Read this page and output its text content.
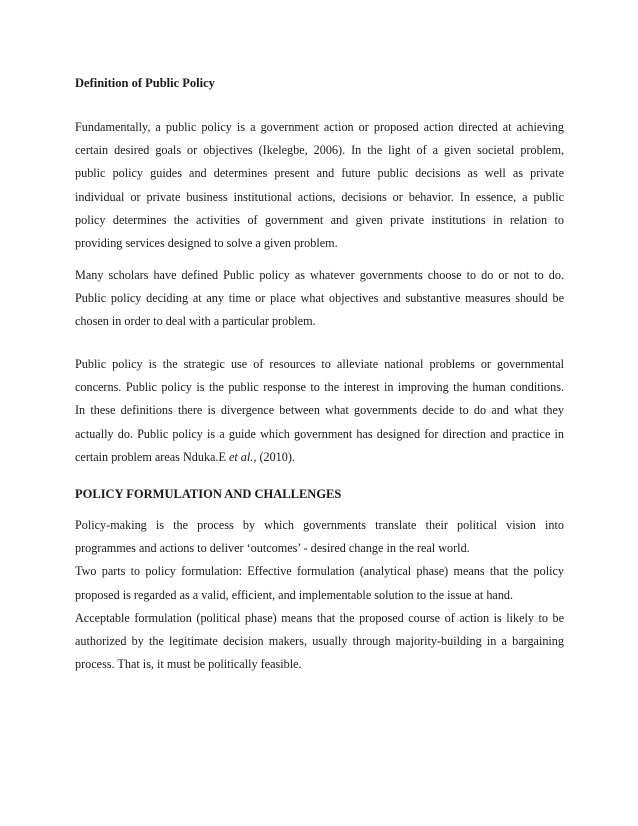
Definition of Public Policy
Fundamentally, a public policy is a government action or proposed action directed at achieving
certain desired goals or objectives (Ikelegbe, 2006). In the light of a given societal problem,
public policy guides and determines present and future public decisions as well as private
individual or private business institutional actions, decisions or behavior. In essence, a public
policy determines the activities of government and given private institutions in relation to
providing services designed to solve a given problem.
Many scholars have defined Public policy as whatever governments choose to do or not to do.
Public policy deciding at any time or place what objectives and substantive measures should be
chosen in order to deal with a particular problem.
Public policy is the strategic use of resources to alleviate national problems or governmental
concerns. Public policy is the public response to the interest in improving the human conditions.
In these definitions there is divergence between what governments decide to do and what they
actually do. Public policy is a guide which government has designed for direction and practice in
certain problem areas Nduka.E et al., (2010).
POLICY FORMULATION AND CHALLENGES
Policy-making is the process by which governments translate their political vision into
programmes and actions to deliver ‘outcomes’ - desired change in the real world.
Two parts to policy formulation: Effective formulation (analytical phase) means that the policy
proposed is regarded as a valid, efficient, and implementable solution to the issue at hand.
Acceptable formulation (political phase) means that the proposed course of action is likely to be
authorized by the legitimate decision makers, usually through majority-building in a bargaining
process. That is, it must be politically feasible.
